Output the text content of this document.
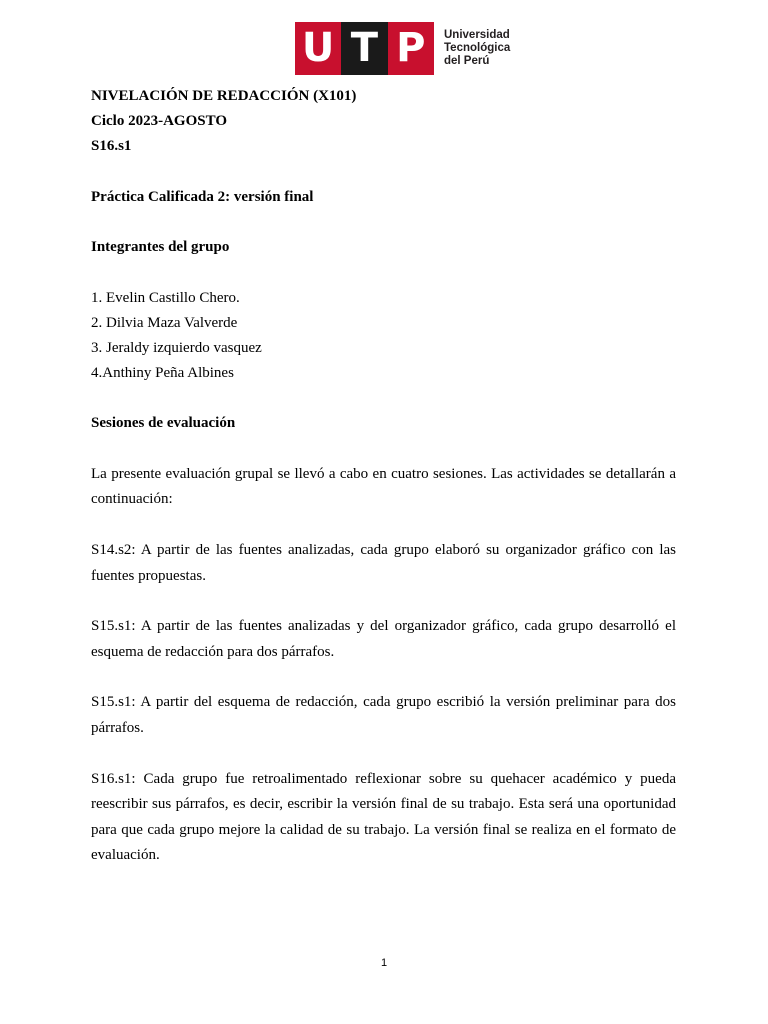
U T P	Universidad
Tecnológica
del Perú
NIVELACIÓN DE REDACCIÓN (X101)
Ciclo 2023-AGOSTO
S16.s1
Práctica Calificada 2: versión final
Integrantes del grupo
1. Evelin Castillo Chero.
2. Dilvia Maza Valverde
3. Jeraldy izquierdo vasquez
4.Anthiny Peña Albines
Sesiones de evaluación

La presente evaluación grupal se llevó a cabo en cuatro sesiones. Las actividades se detallarán a continuación:

S14.s2: A partir de las fuentes analizadas, cada grupo elaboró su organizador gráfico con las fuentes propuestas.

S15.s1: A partir de las fuentes analizadas y del organizador gráfico, cada grupo desarrolló el esquema de redacción para dos párrafos.

S15.s1: A partir del esquema de redacción, cada grupo escribió la versión preliminar para dos párrafos.

S16.s1: Cada grupo fue retroalimentado reflexionar sobre su quehacer académico y pueda reescribir sus párrafos, es decir, escribir la versión final de su trabajo. Esta será una oportunidad para que cada grupo mejore la calidad de su trabajo. La versión final se realiza en el formato de evaluación.

1
